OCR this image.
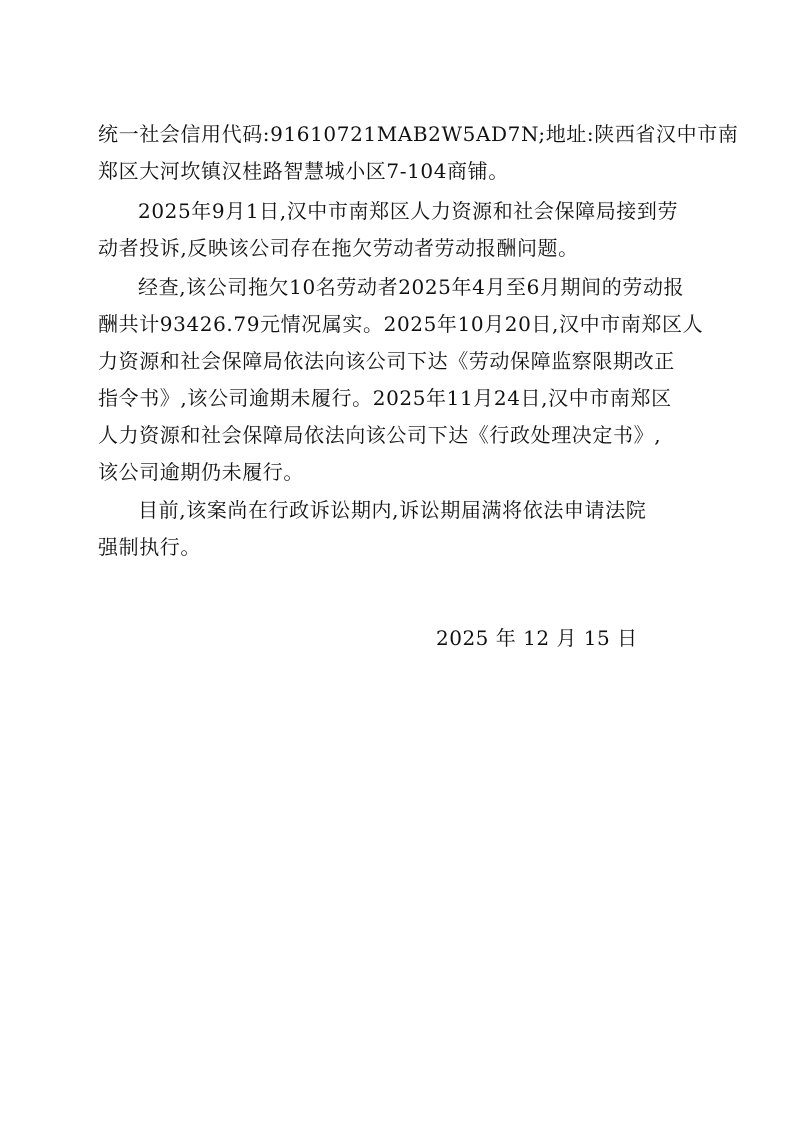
统一社会信用代码:91610721MAB2W5AD7N;地址:陕西省汉中市南
郑区大河坎镇汉桂路智慧城小区7-104商铺。
2025年9月1日,汉中市南郑区人力资源和社会保障局接到劳
动者投诉,反映该公司存在拖欠劳动者劳动报酬问题。
经查,该公司拖欠10名劳动者2025年4月至6月期间的劳动报
酬共计93426.79元情况属实。2025年10月20日,汉中市南郑区人
力资源和社会保障局依法向该公司下达《劳动保障监察限期改正
指令书》,该公司逾期未履行。2025年11月24日,汉中市南郑区
人力资源和社会保障局依法向该公司下达《行政处理决定书》,
该公司逾期仍未履行。
目前,该案尚在行政诉讼期内,诉讼期届满将依法申请法院
强制执行。
2025 年 12 月 15 日
